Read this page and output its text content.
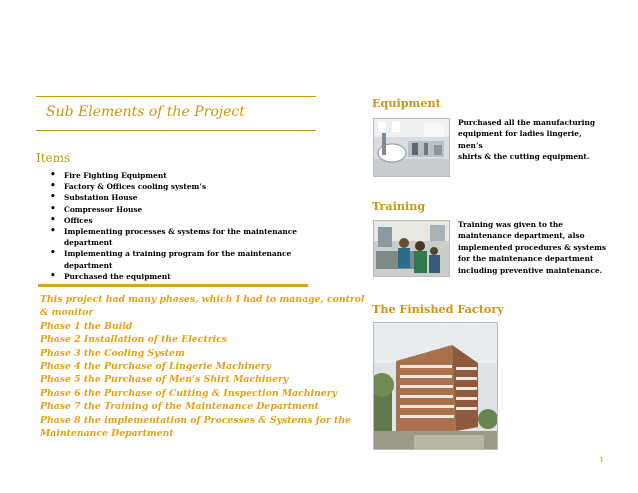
Sub Elements of the Project
Items
• Fire Fighting Equipment
• Factory & Offices cooling system’s
• Substation House
• Compressor House
• Offices
• Implementing processes & systems for the maintenance department
• Implementing a training program for the maintenance department
• Purchased the equipment
This project had many phases, which I had to manage, control
& monitor
Phase 1 the Build
Phase 2 Installation of the Electrics
Phase 3 the Cooling System
Phase 4 the Purchase of Lingerie Machinery
Phase 5 the Purchase of Men’s Shirt Machinery
Phase 6 the Purchase of Cutting & Inspection Machinery
Phase 7 the Training of the Maintenance Department
Phase 8 the implementation of Processes & Systems for the
Maintenance Department
Equipment
Purchased all the manufacturing
equipment for ladies lingerie, men’s
shirts & the cutting equipment.
Training
Training was given to the
maintenance department, also
implemented procedures & systems
for the maintenance department
including preventive maintenance.
The Finished Factory
1
